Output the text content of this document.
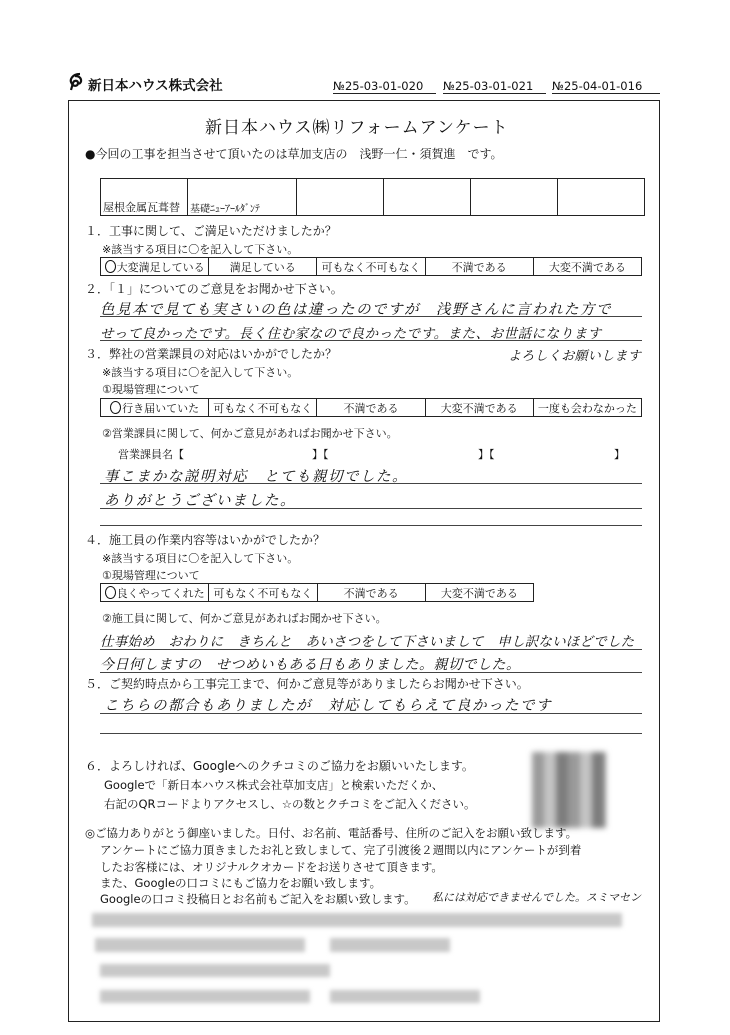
新日本ハウス株式会社	№25-03-01-020	№25-03-01-021	№25-04-01-016
新日本ハウス㈱リフォームアンケート
●今回の工事を担当させて頂いたのは草加支店の　浅野一仁・須賀進　です。
屋根金属瓦葺替	基礎ﾆｭｰｱｰﾙﾀﾞﾝﾃ				
１．工事に関して、ご満足いただけましたか？
※該当する項目に〇を記入して下さい。
大変満足している	満足している	可もなく不可もなく	不満である	大変不満である
２．「１」についてのご意見をお聞かせ下さい。
色見本で見ても実さいの色は違ったのですが　浅野さんに言われた方で
せって良かったです。長く住む家なので良かったです。また、お世話になります
よろしくお願いします
３．弊社の営業課員の対応はいかがでしたか？
※該当する項目に〇を記入して下さい。
①現場管理について
行き届いていた	可もなく不可もなく	不満である	大変不満である	一度も会わなかった
②営業課員に関して、何かご意見があればお聞かせ下さい。
営業課員名【	】【	】【	】
事こまかな説明対応　とても親切でした。
ありがとうございました。
４．施工員の作業内容等はいかがでしたか？
※該当する項目に〇を記入して下さい。
①現場管理について
良くやってくれた	可もなく不可もなく	不満である	大変不満である
②施工員に関して、何かご意見があればお聞かせ下さい。
仕事始め　おわりに　きちんと　あいさつをして下さいまして　申し訳ないほどでした
今日何しますの　せつめいもある日もありました。親切でした。
５．ご契約時点から工事完工まで、何かご意見等がありましたらお聞かせ下さい。
こちらの都合もありましたが　対応してもらえて良かったです
６．よろしければ、Googleへのクチコミのご協力をお願いいたします。
Googleで「新日本ハウス株式会社草加支店」と検索いただくか、
右記のQRコードよりアクセスし、☆の数とクチコミをご記入ください。
◎ご協力ありがとう御座いました。日付、お名前、電話番号、住所のご記入をお願い致します。
アンケートにご協力頂きましたお礼と致しまして、完了引渡後２週間以内にアンケートが到着
したお客様には、オリジナルクオカードをお送りさせて頂きます。
また、Googleの口コミにもご協力をお願い致します。
Googleの口コミ投稿日とお名前もご記入をお願い致します。 私には対応できませんでした。スミマセン
